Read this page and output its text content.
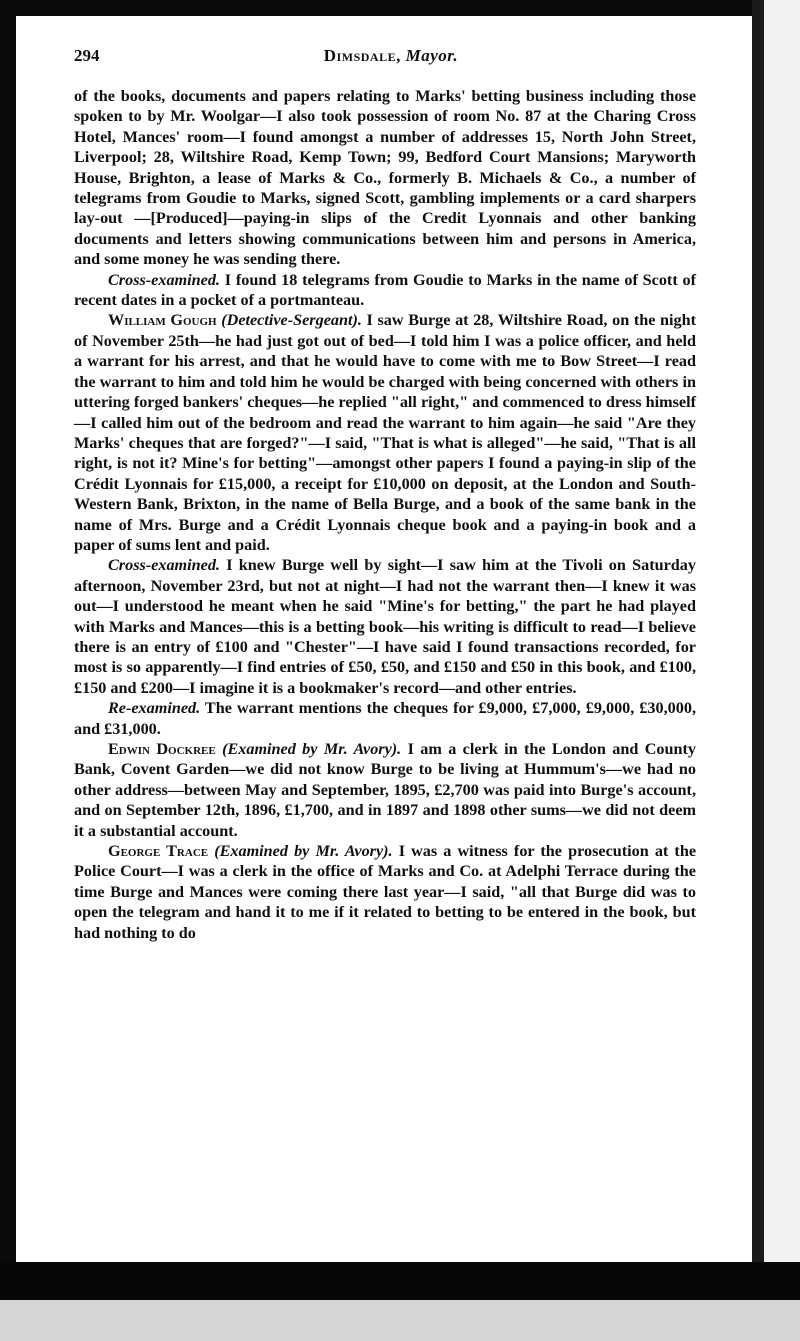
294	Dimsdale, Mayor.

of the books, documents and papers relating to Marks' betting business including those spoken to by Mr. Woolgar—I also took possession of room No. 87 at the Charing Cross Hotel, Mances' room—I found amongst a number of addresses 15, North John Street, Liverpool; 28, Wiltshire Road, Kemp Town; 99, Bedford Court Mansions; Maryworth House, Brighton, a lease of Marks & Co., formerly B. Michaels & Co., a number of telegrams from Goudie to Marks, signed Scott, gambling implements or a card sharpers lay-out —[Produced]—paying-in slips of the Credit Lyonnais and other banking documents and letters showing communications between him and persons in America, and some money he was sending there.

Cross-examined. I found 18 telegrams from Goudie to Marks in the name of Scott of recent dates in a pocket of a portmanteau.

William Gough (Detective-Sergeant). I saw Burge at 28, Wiltshire Road, on the night of November 25th—he had just got out of bed—I told him I was a police officer, and held a warrant for his arrest, and that he would have to come with me to Bow Street—I read the warrant to him and told him he would be charged with being concerned with others in uttering forged bankers' cheques—he replied "all right," and commenced to dress himself—I called him out of the bedroom and read the warrant to him again—he said "Are they Marks' cheques that are forged?"—I said, "That is what is alleged"—he said, "That is all right, is not it? Mine's for betting"—amongst other papers I found a paying-in slip of the Crédit Lyonnais for £15,000, a receipt for £10,000 on deposit, at the London and South-Western Bank, Brixton, in the name of Bella Burge, and a book of the same bank in the name of Mrs. Burge and a Crédit Lyonnais cheque book and a paying-in book and a paper of sums lent and paid.

Cross-examined. I knew Burge well by sight—I saw him at the Tivoli on Saturday afternoon, November 23rd, but not at night—I had not the warrant then—I knew it was out—I understood he meant when he said "Mine's for betting," the part he had played with Marks and Mances—this is a betting book—his writing is difficult to read—I believe there is an entry of £100 and "Chester"—I have said I found transactions recorded, for most is so apparently—I find entries of £50, £50, and £150 and £50 in this book, and £100, £150 and £200—I imagine it is a bookmaker's record—and other entries.

Re-examined. The warrant mentions the cheques for £9,000, £7,000, £9,000, £30,000, and £31,000.

Edwin Dockree (Examined by Mr. Avory). I am a clerk in the London and County Bank, Covent Garden—we did not know Burge to be living at Hummum's—we had no other address—between May and September, 1895, £2,700 was paid into Burge's account, and on September 12th, 1896, £1,700, and in 1897 and 1898 other sums—we did not deem it a substantial account.

George Trace (Examined by Mr. Avory). I was a witness for the prosecution at the Police Court—I was a clerk in the office of Marks and Co. at Adelphi Terrace during the time Burge and Mances were coming there last year—I said, "all that Burge did was to open the telegram and hand it to me if it related to betting to be entered in the book, but had nothing to do
